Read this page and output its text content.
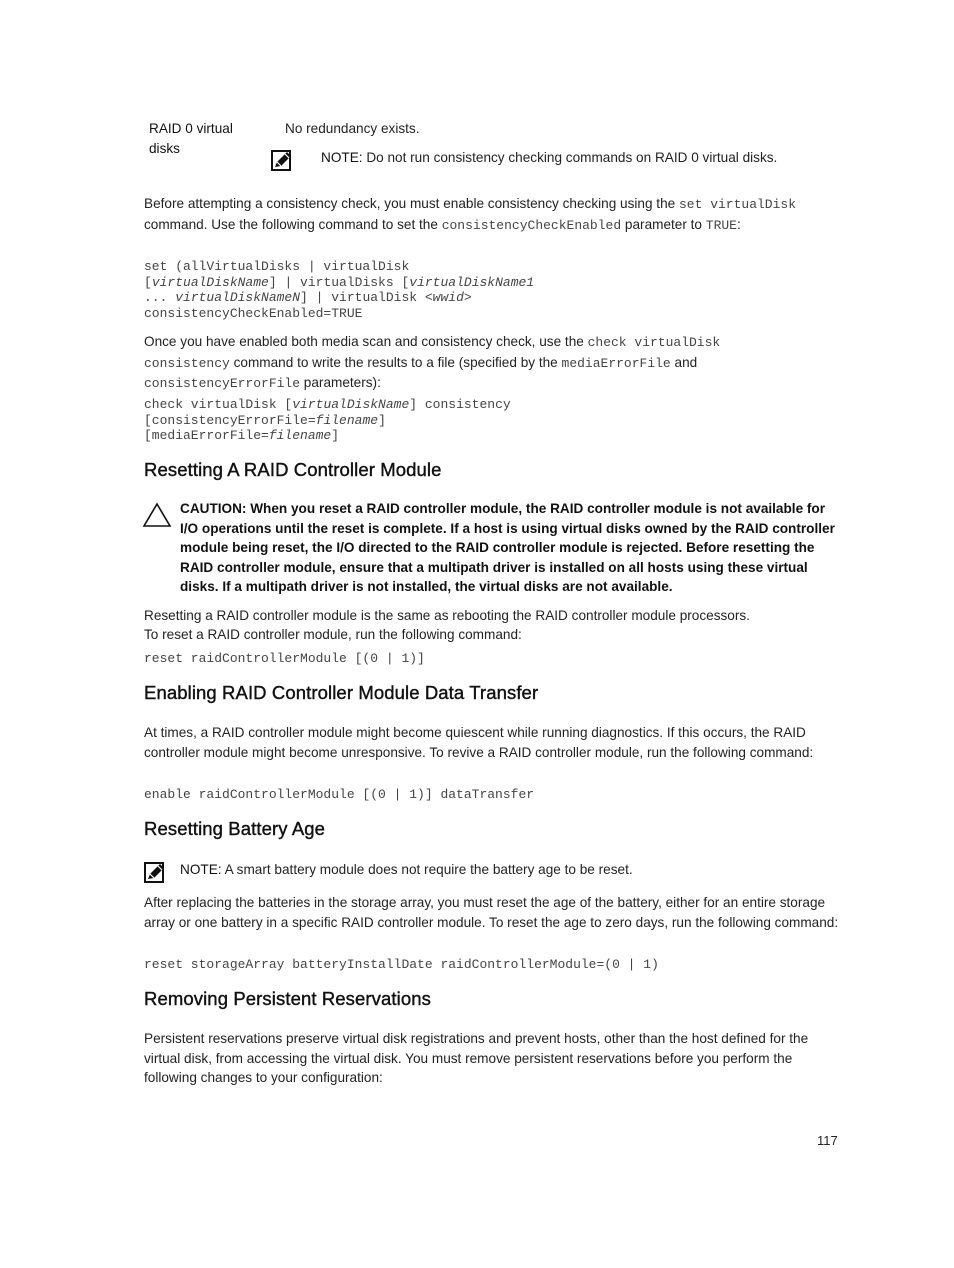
RAID 0 virtual disks
No redundancy exists.
NOTE: Do not run consistency checking commands on RAID 0 virtual disks.
Before attempting a consistency check, you must enable consistency checking using the set virtualDisk command. Use the following command to set the consistencyCheckEnabled parameter to TRUE:
set (allVirtualDisks | virtualDisk
[virtualDiskName] | virtualDisks [virtualDiskName1
... virtualDiskNameN] | virtualDisk <wwid>
consistencyCheckEnabled=TRUE
Once you have enabled both media scan and consistency check, use the check virtualDisk consistency command to write the results to a file (specified by the mediaErrorFile and consistencyErrorFile parameters):
check virtualDisk [virtualDiskName] consistency
[consistencyErrorFile=filename]
[mediaErrorFile=filename]
Resetting A RAID Controller Module
CAUTION: When you reset a RAID controller module, the RAID controller module is not available for I/O operations until the reset is complete. If a host is using virtual disks owned by the RAID controller module being reset, the I/O directed to the RAID controller module is rejected. Before resetting the RAID controller module, ensure that a multipath driver is installed on all hosts using these virtual disks. If a multipath driver is not installed, the virtual disks are not available.
Resetting a RAID controller module is the same as rebooting the RAID controller module processors.
To reset a RAID controller module, run the following command:
reset raidControllerModule [(0 | 1)]
Enabling RAID Controller Module Data Transfer
At times, a RAID controller module might become quiescent while running diagnostics. If this occurs, the RAID controller module might become unresponsive. To revive a RAID controller module, run the following command:
enable raidControllerModule [(0 | 1)] dataTransfer
Resetting Battery Age
NOTE: A smart battery module does not require the battery age to be reset.
After replacing the batteries in the storage array, you must reset the age of the battery, either for an entire storage array or one battery in a specific RAID controller module. To reset the age to zero days, run the following command:
reset storageArray batteryInstallDate raidControllerModule=(0 | 1)
Removing Persistent Reservations
Persistent reservations preserve virtual disk registrations and prevent hosts, other than the host defined for the virtual disk, from accessing the virtual disk. You must remove persistent reservations before you perform the following changes to your configuration:
117
